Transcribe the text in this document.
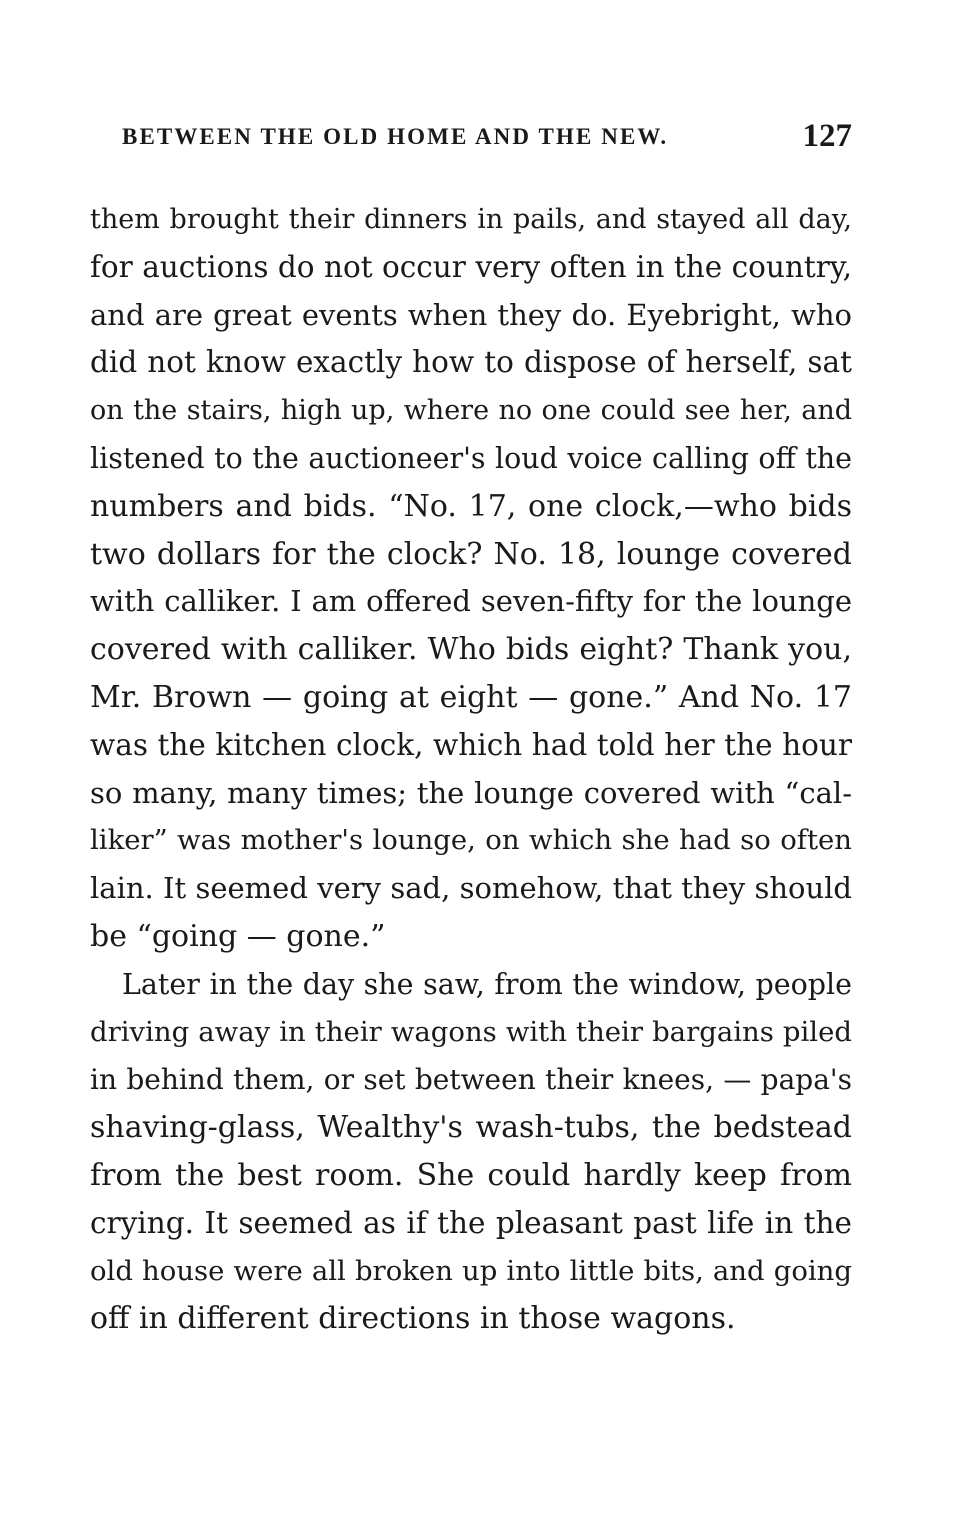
BETWEEN THE OLD HOME AND THE NEW.	127
them brought their dinners in pails, and stayed all day,
for auctions do not occur very often in the country,
and are great events when they do. Eyebright, who
did not know exactly how to dispose of herself, sat
on the stairs, high up, where no one could see her, and
listened to the auctioneer's loud voice calling off the
numbers and bids. “No. 17, one clock,—who bids
two dollars for the clock? No. 18, lounge covered
with calliker. I am offered seven-fifty for the lounge
covered with calliker. Who bids eight? Thank you,
Mr. Brown — going at eight — gone.” And No. 17
was the kitchen clock, which had told her the hour
so many, many times; the lounge covered with “cal-
liker” was mother's lounge, on which she had so often
lain. It seemed very sad, somehow, that they should
be “going — gone.”
Later in the day she saw, from the window, people
driving away in their wagons with their bargains piled
in behind them, or set between their knees, — papa's
shaving-glass, Wealthy's wash-tubs, the bedstead
from the best room. She could hardly keep from
crying. It seemed as if the pleasant past life in the
old house were all broken up into little bits, and going
off in different directions in those wagons.
